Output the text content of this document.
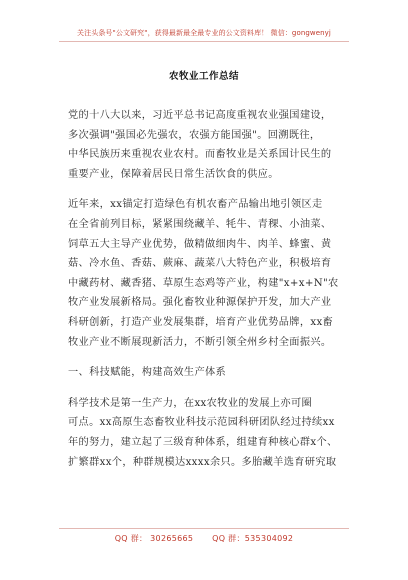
关注头条号"公文研究"，获得最新最全最专业的公文资料库！ 微信：gongwenyj
农牧业工作总结
党的十八大以来，习近平总书记高度重视农业强国建设，
多次强调"强国必先强农，农强方能国强"。回溯既往，
中华民族历来重视农业农村。而畜牧业是关系国计民生的
重要产业，保障着居民日常生活饮食的供应。
近年来，xx锚定打造绿色有机农畜产品输出地引领区走
在全省前列目标，紧紧围绕藏羊、牦牛、青稞、小油菜、
饲草五大主导产业优势，做精做细肉牛、肉羊、蜂蜜、黄
菇、冷水鱼、香菇、蕨麻、蔬菜八大特色产业，积极培育
中藏药材、藏香猪、草原生态鸡等产业，构建"x+x+N"农
牧产业发展新格局。强化畜牧业种源保护开发，加大产业
科研创新，打造产业发展集群，培育产业优势品牌，xx畜
牧业产业不断展现新活力，不断引领全州乡村全面振兴。
一、科技赋能，构建高效生产体系
科学技术是第一生产力，在xx农牧业的发展上亦可圈
可点。xx高原生态畜牧业科技示范园科研团队经过持续xx
年的努力，建立起了三级育种体系，组建育种核心群x个、
扩繁群xx个，种群规模达xxxx余只。多胎藏羊选育研究取
QQ 群： 30265665 QQ 群：535304092
